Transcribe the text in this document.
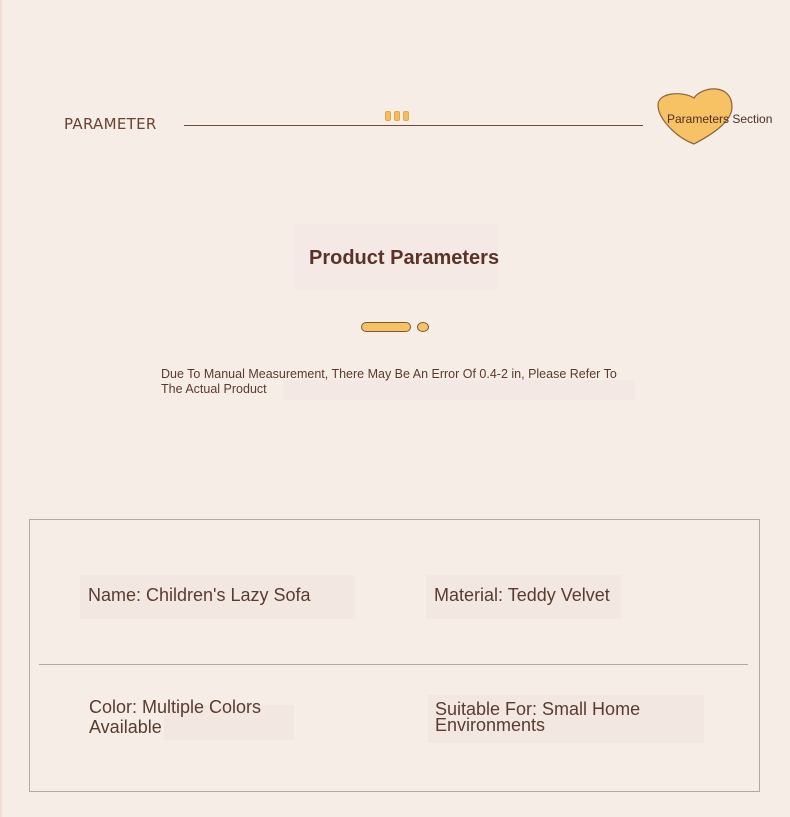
PARAMETER	Parameters Section
Product Parameters
Due To Manual Measurement, There May Be An Error Of 0.4-2 in, Please Refer To The Actual Product
Name: Children's Lazy Sofa	Material: Teddy Velvet
Color: Multiple Colors Available
Suitable For: Small Home Environments
